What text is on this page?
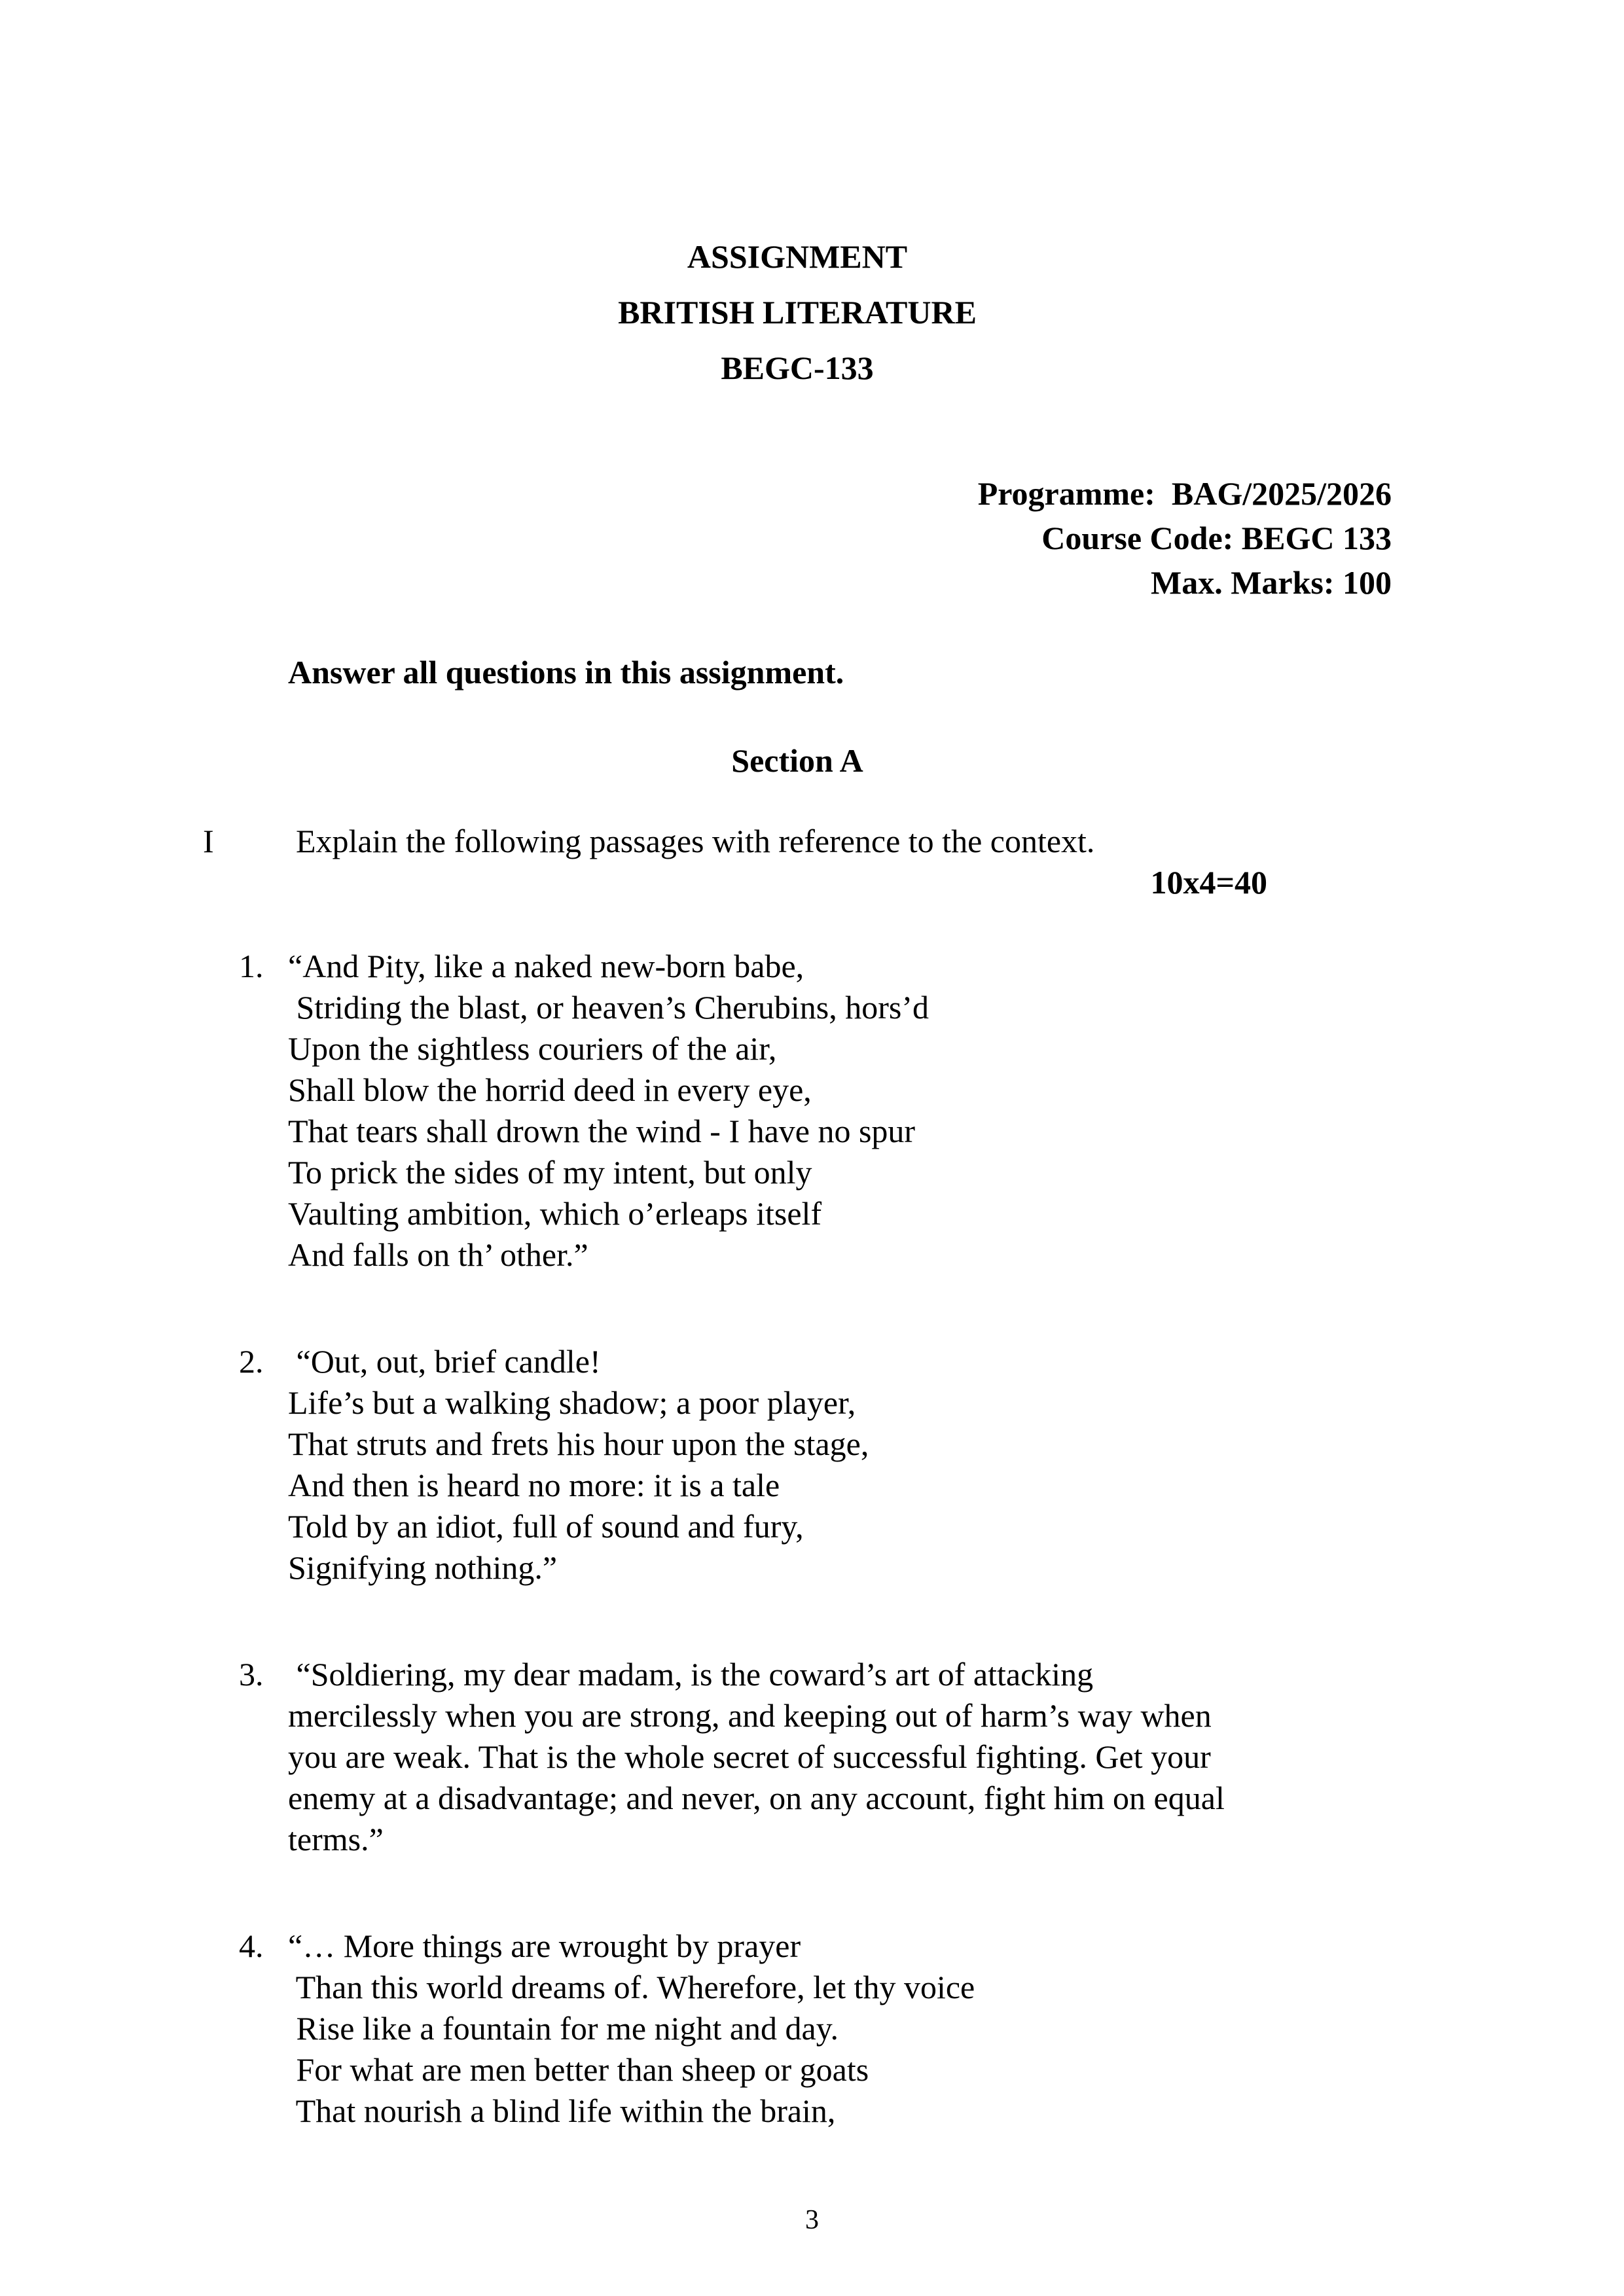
ASSIGNMENT
BRITISH LITERATURE
BEGC-133
Programme:  BAG/2025/2026
Course Code: BEGC 133
Max. Marks: 100
Answer all questions in this assignment.
Section A
I	Explain the following passages with reference to the context.
10x4=40
1. “And Pity, like a naked new-born babe,
Striding the blast, or heaven’s Cherubins, hors’d
Upon the sightless couriers of the air,
Shall blow the horrid deed in every eye,
That tears shall drown the wind - I have no spur
To prick the sides of my intent, but only
Vaulting ambition, which o’erleaps itself
And falls on th’ other.”
2. “Out, out, brief candle!
Life’s but a walking shadow; a poor player,
That struts and frets his hour upon the stage,
And then is heard no more: it is a tale
Told by an idiot, full of sound and fury,
Signifying nothing.”
3. “Soldiering, my dear madam, is the coward’s art of attacking
mercilessly when you are strong, and keeping out of harm’s way when
you are weak. That is the whole secret of successful fighting. Get your
enemy at a disadvantage; and never, on any account, fight him on equal
terms.”
4. “… More things are wrought by prayer
Than this world dreams of. Wherefore, let thy voice
Rise like a fountain for me night and day.
For what are men better than sheep or goats
That nourish a blind life within the brain,
3
